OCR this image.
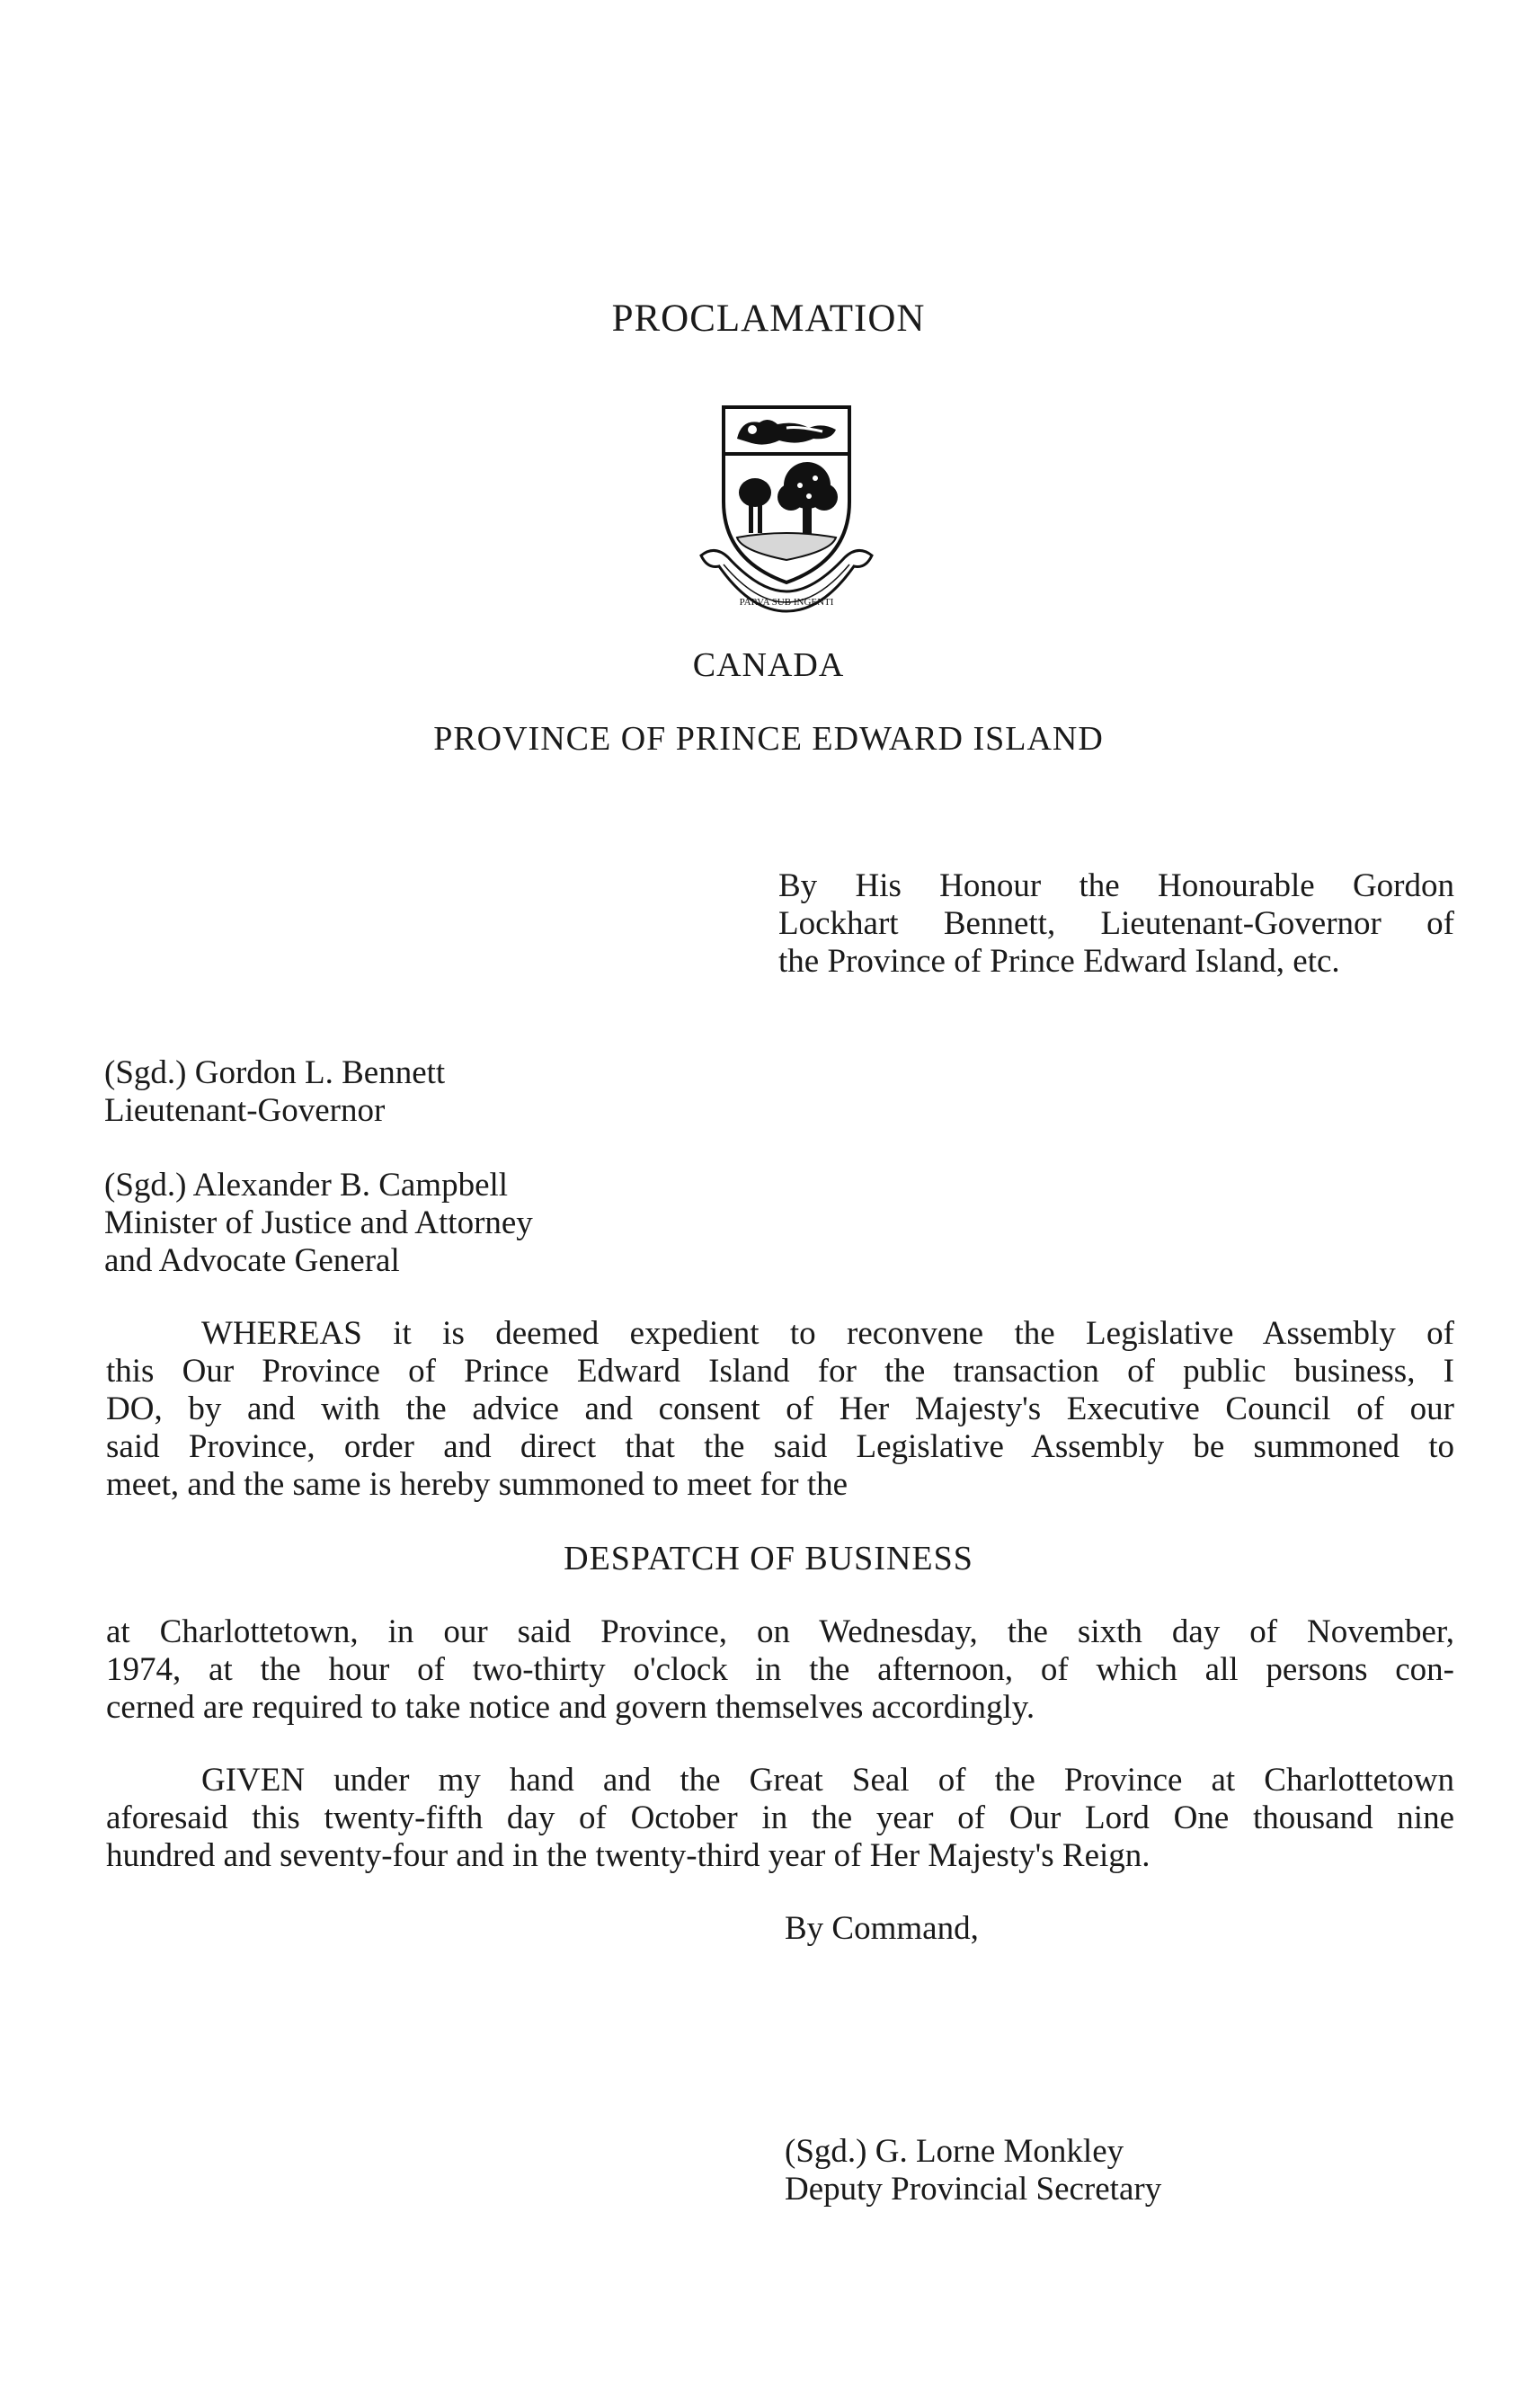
PROCLAMATION
PARVA SUB INGENTI
CANADA
PROVINCE OF PRINCE EDWARD ISLAND
By His Honour the Honourable Gordon
Lockhart Bennett, Lieutenant-Governor of
the Province of Prince Edward Island, etc.
(Sgd.) Gordon L. Bennett
Lieutenant-Governor
(Sgd.) Alexander B. Campbell
Minister of Justice and Attorney
and Advocate General
WHEREAS it is deemed expedient to reconvene the Legislative Assembly of
this Our Province of Prince Edward Island for the transaction of public business, I
DO, by and with the advice and consent of Her Majesty's Executive Council of our
said Province, order and direct that the said Legislative Assembly be summoned to
meet, and the same is hereby summoned to meet for the
DESPATCH OF BUSINESS
at Charlottetown, in our said Province, on Wednesday, the sixth day of November,
1974, at the hour of two-thirty o'clock in the afternoon, of which all persons con-
cerned are required to take notice and govern themselves accordingly.
GIVEN under my hand and the Great Seal of the Province at Charlottetown
aforesaid this twenty-fifth day of October in the year of Our Lord One thousand nine
hundred and seventy-four and in the twenty-third year of Her Majesty's Reign.
By Command,
(Sgd.) G. Lorne Monkley
Deputy Provincial Secretary
